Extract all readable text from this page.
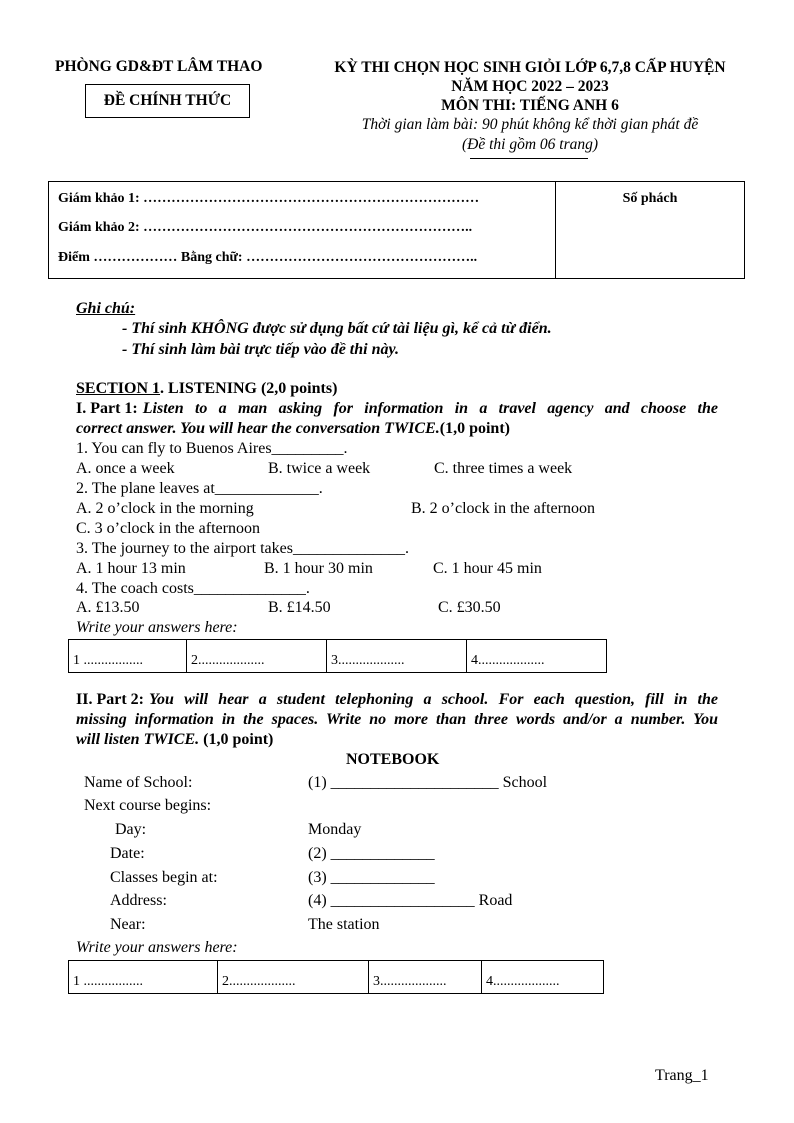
PHÒNG GD&ĐT LÂM THAO
ĐỀ CHÍNH THỨC
KỲ THI CHỌN HỌC SINH GIỎI LỚP 6,7,8 CẤP HUYỆN
NĂM HỌC 2022 – 2023
MÔN THI: TIẾNG ANH 6
Thời gian làm bài: 90 phút không kể thời gian phát đề
(Đề thi gồm 06 trang)
Giám khảo 1: ………………………………………………………………
Giám khảo 2: ……………………………………………………………..
Điểm ……………… Bằng chữ: …………………………………………..
Số phách
Ghi chú:
- Thí sinh KHÔNG được sử dụng bất cứ tài liệu gì, kể cả từ điển.
- Thí sinh làm bài trực tiếp vào đề thi này.
SECTION 1. LISTENING (2,0 points)
I. Part 1: Listen to a man asking for information in a travel agency and choose the
correct answer. You will hear the conversation TWICE.(1,0 point)
1. You can fly to Buenos Aires_________.
A. once a week	B. twice a week	C. three times a week
2. The plane leaves at_____________.
A. 2 o’clock in the morning	B. 2 o’clock in the afternoon
C. 3 o’clock in the afternoon
3. The journey to the airport takes______________.
A. 1 hour 13 min	B. 1 hour 30 min	C. 1 hour 45 min
4. The coach costs______________.
A. £13.50	B. £14.50	C. £30.50
Write your answers here:
1 .................	2...................	3...................	4...................
II. Part 2: You will hear a student telephoning a school. For each question, fill in the
missing information in the spaces. Write no more than three words and/or a number. You
will listen TWICE. (1,0 point)
NOTEBOOK
Name of School:	(1) _____________________ School
Next course begins:
Day:	Monday
Date:	(2) _____________
Classes begin at:	(3) _____________
Address:	(4) __________________ Road
Near:	The station
Write your answers here:
1 .................	2...................	3...................	4...................
Trang_1
